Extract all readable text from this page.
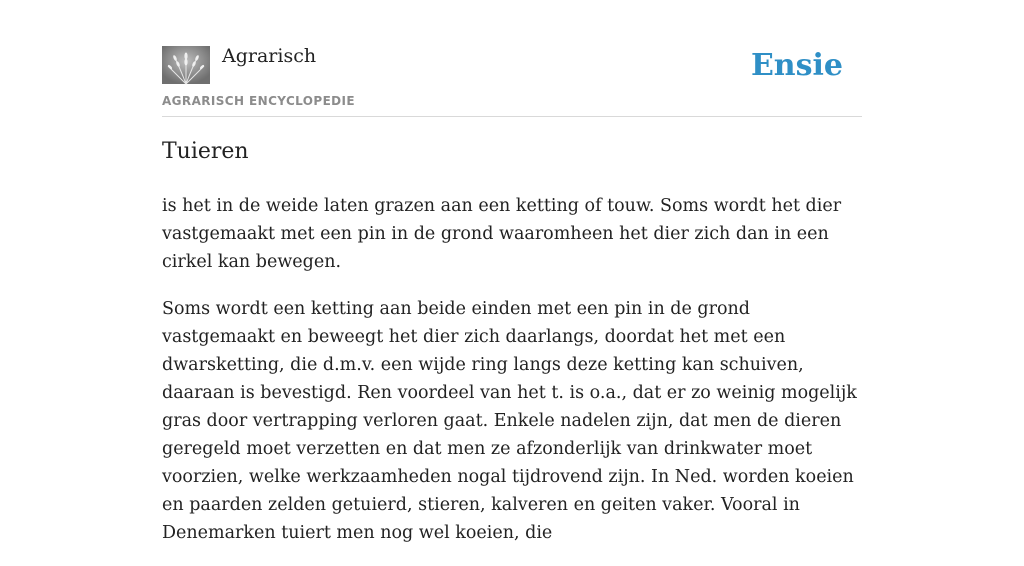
Agrarisch
AGRARISCH ENCYCLOPEDIE
Ensie
Tuieren

is het in de weide laten grazen aan een ketting of touw. Soms wordt het dier vastgemaakt met een pin in de grond waaromheen het dier zich dan in een cirkel kan bewegen.

Soms wordt een ketting aan beide einden met een pin in de grond vastgemaakt en beweegt het dier zich daarlangs, doordat het met een dwarsketting, die d.m.v. een wijde ring langs deze ketting kan schuiven, daaraan is bevestigd. Ren voordeel van het t. is o.a., dat er zo weinig mogelijk gras door vertrapping verloren gaat. Enkele nadelen zijn, dat men de dieren geregeld moet verzetten en dat men ze afzonderlijk van drinkwater moet voorzien, welke werkzaamheden nogal tijdrovend zijn. In Ned. worden koeien en paarden zelden getuierd, stieren, kalveren en geiten vaker. Vooral in Denemarken tuiert men nog wel koeien, die
